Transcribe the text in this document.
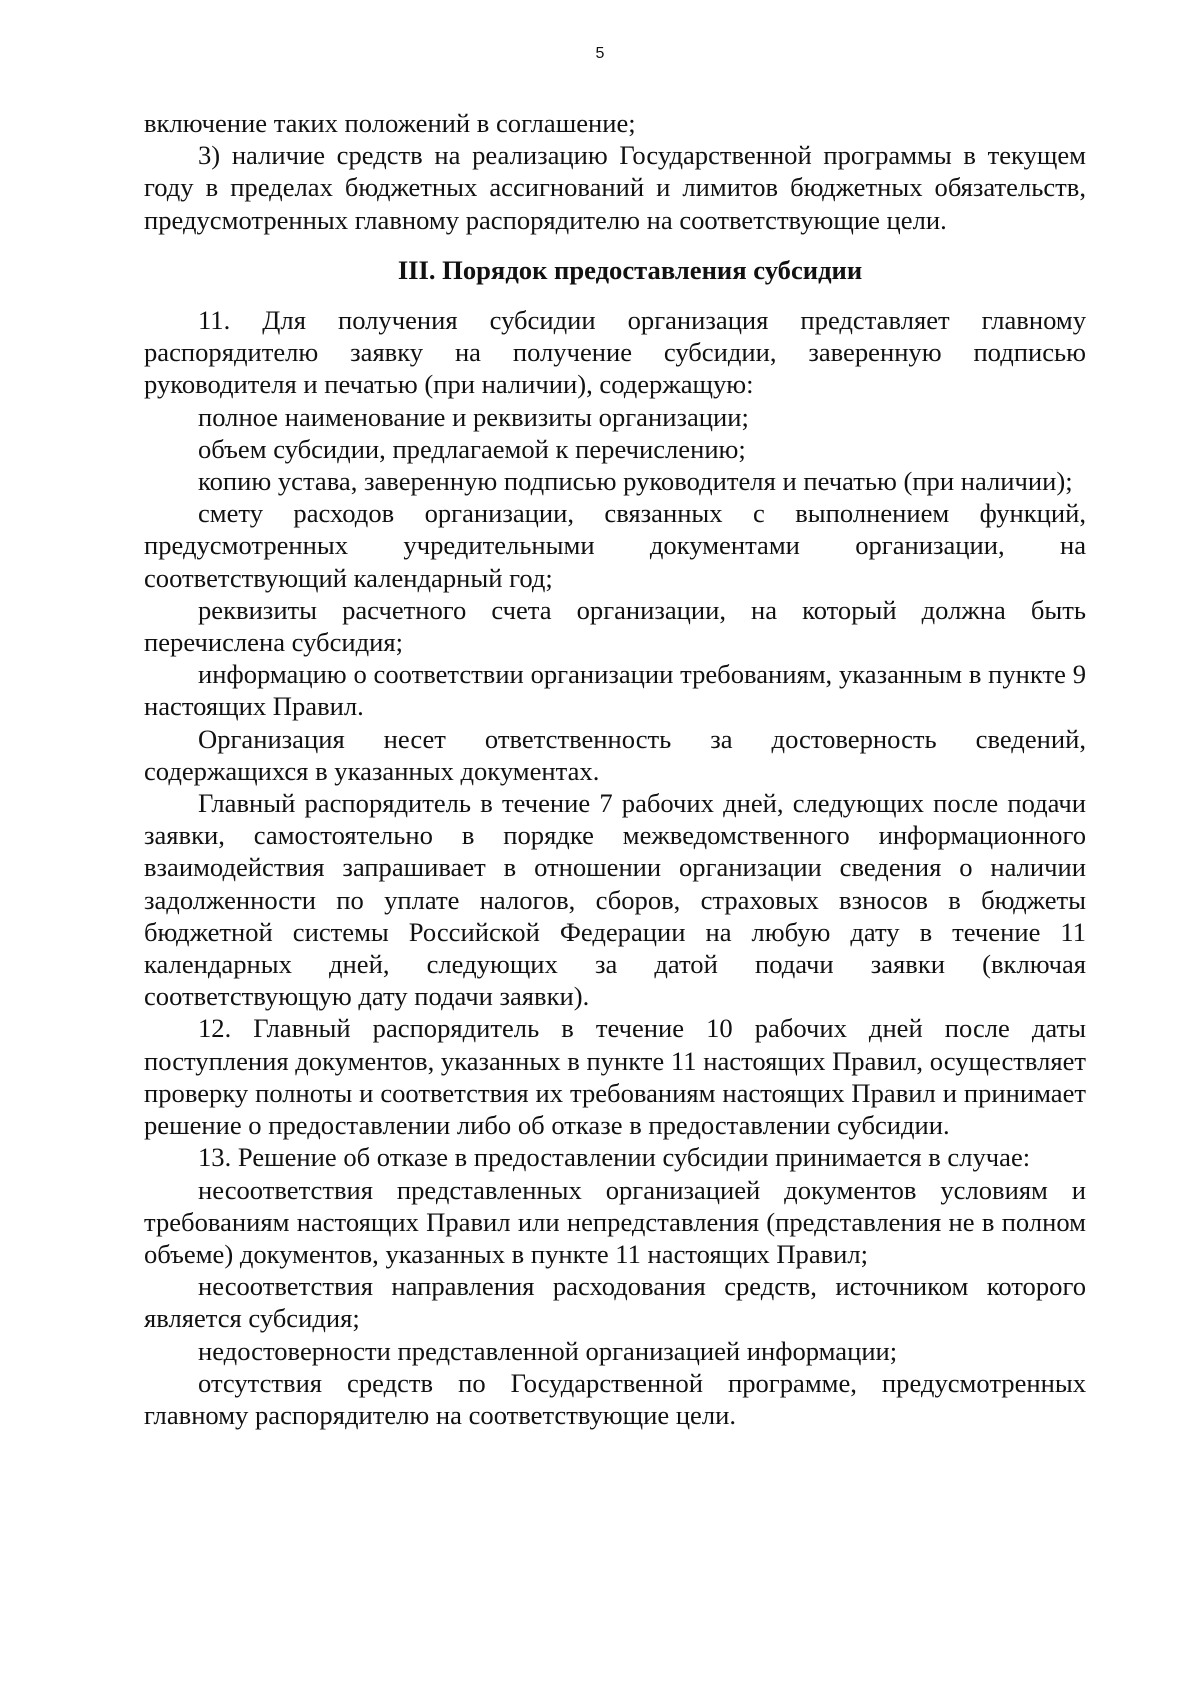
5

включение таких положений в соглашение;

3) наличие средств на реализацию Государственной программы в текущем году в пределах бюджетных ассигнований и лимитов бюджетных обязательств, предусмотренных главному распорядителю на соответствующие цели.

III. Порядок предоставления субсидии

11. Для получения субсидии организация представляет главному распорядителю заявку на получение субсидии, заверенную подписью руководителя и печатью (при наличии), содержащую:

полное наименование и реквизиты организации;

объем субсидии, предлагаемой к перечислению;

копию устава, заверенную подписью руководителя и печатью (при наличии);

смету расходов организации, связанных с выполнением функций, предусмотренных учредительными документами организации, на соответствующий календарный год;

реквизиты расчетного счета организации, на который должна быть перечислена субсидия;

информацию о соответствии организации требованиям, указанным в пункте 9 настоящих Правил.

Организация несет ответственность за достоверность сведений, содержащихся в указанных документах.

Главный распорядитель в течение 7 рабочих дней, следующих после подачи заявки, самостоятельно в порядке межведомственного информационного взаимодействия запрашивает в отношении организации сведения о наличии задолженности по уплате налогов, сборов, страховых взносов в бюджеты бюджетной системы Российской Федерации на любую дату в течение 11 календарных дней, следующих за датой подачи заявки (включая соответствующую дату подачи заявки).

12. Главный распорядитель в течение 10 рабочих дней после даты поступления документов, указанных в пункте 11 настоящих Правил, осуществляет проверку полноты и соответствия их требованиям настоящих Правил и принимает решение о предоставлении либо об отказе в предоставлении субсидии.

13. Решение об отказе в предоставлении субсидии принимается в случае:

несоответствия представленных организацией документов условиям и требованиям настоящих Правил или непредставления (представления не в полном объеме) документов, указанных в пункте 11 настоящих Правил;

несоответствия направления расходования средств, источником которого является субсидия;

недостоверности представленной организацией информации;

отсутствия средств по Государственной программе, предусмотренных главному распорядителю на соответствующие цели.
